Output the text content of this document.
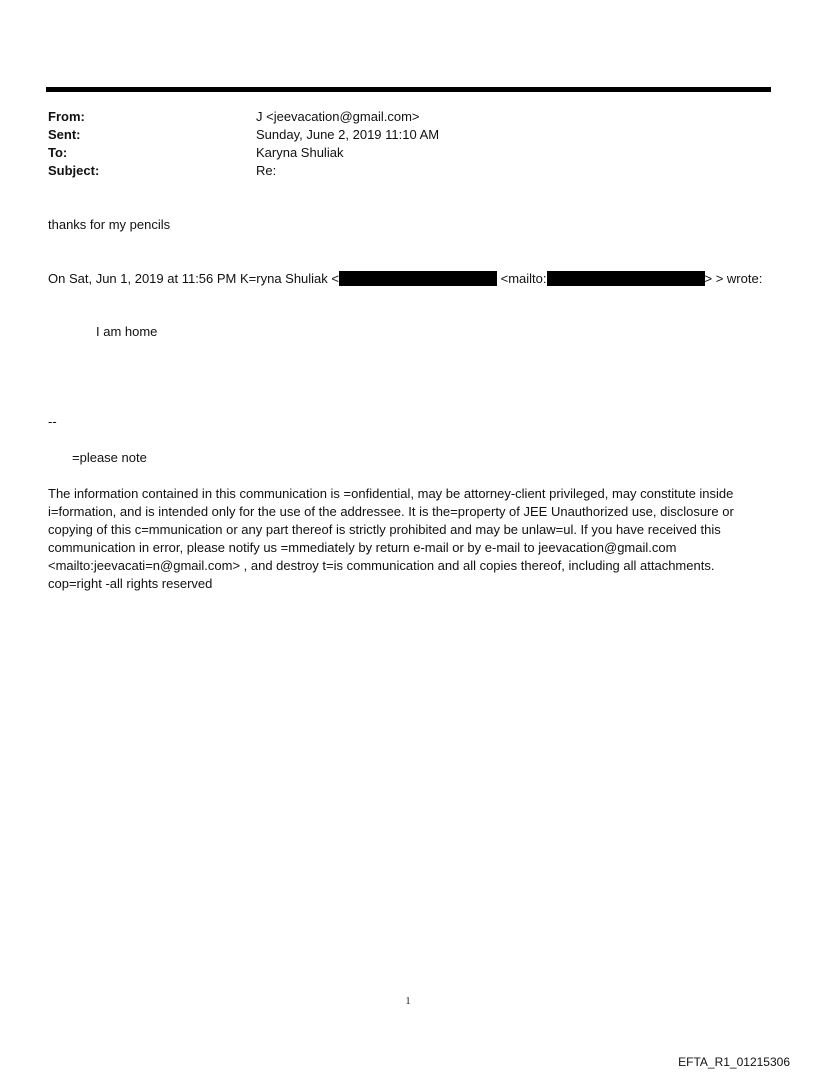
From:	J <jeevacation@gmail.com>
Sent:	Sunday, June 2, 2019 11:10 AM
To:	Karyna Shuliak
Subject:	Re:
thanks for my pencils
On Sat, Jun 1, 2019 at 11:56 PM K=ryna Shuliak <	<mailto:	> > wrote:
I am home
--
=please note
The information contained in this communication is =onfidential, may be attorney-client privileged, may constitute inside i=formation, and is intended only for the use of the addressee. It is the=property of JEE Unauthorized use, disclosure or copying of this c=mmunication or any part thereof is strictly prohibited and may be unlaw=ul. If you have received this communication in error, please notify us =mmediately by return e-mail or by e-mail to jeevacation@gmail.com <mailto:jeevacati=n@gmail.com> , and destroy t=is communication and all copies thereof, including all attachments. cop=right -all rights reserved
1
EFTA_R1_01215306
